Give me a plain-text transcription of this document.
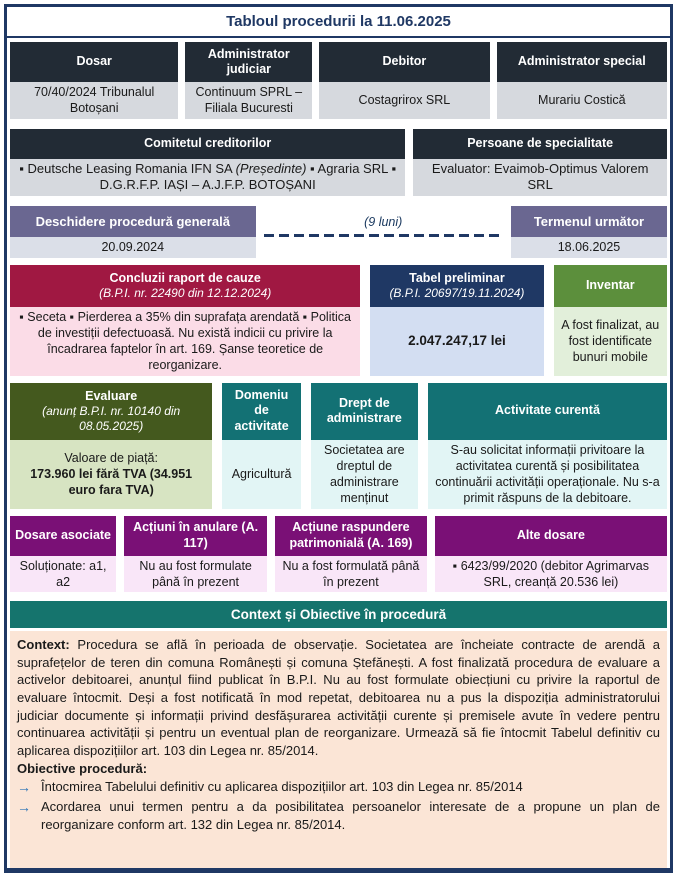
Tabloul procedurii la 11.06.2025
Dosar
70/40/2024 Tribunalul Botoșani
Administrator judiciar
Continuum SPRL – Filiala Bucuresti
Debitor
Costagrirox SRL
Administrator special
Murariu Costică
Comitetul creditorilor
▪ Deutsche Leasing Romania IFN SA (Președinte) ▪ Agraria SRL ▪ D.G.R.F.P. IAȘI – A.J.F.P. BOTOȘANI
Persoane de specialitate
Evaluator: Evaimob-Optimus Valorem SRL
Deschidere procedură generală
20.09.2024
(9 luni)	Termenul următor
18.06.2025
Concluzii raport de cauze
(B.P.I. nr. 22490 din 12.12.2024)
▪ Seceta ▪ Pierderea a 35% din suprafața arendată ▪ Politica de investiții defectuoasă. Nu există indicii cu privire la încadrarea faptelor în art. 169. Șanse teoretice de reorganizare.
Tabel preliminar
(B.P.I. 20697/19.11.2024)
2.047.247,17 lei
Inventar
A fost finalizat, au fost identificate bunuri mobile
Evaluare
(anunț B.P.I. nr. 10140 din 08.05.2025)
Valoare de piață:
173.960 lei fără TVA (34.951 euro fara TVA)
Domeniu de activitate
Agricultură
Drept de administrare
Societatea are dreptul de administrare menținut
Activitate curentă
S-au solicitat informații privitoare la activitatea curentă și posibilitatea continuării activității operaționale. Nu s-a primit răspuns de la debitoare.
Dosare asociate
Soluționate: a1, a2
Acțiuni în anulare (A. 117)
Nu au fost formulate până în prezent
Acțiune raspundere patrimonială (A. 169)
Nu a fost formulată până în prezent
Alte dosare
▪ 6423/99/2020 (debitor Agrimarvas SRL, creanță 20.536 lei)
Context și Obiective în procedură
Context: Procedura se află în perioada de observație. Societatea are încheiate contracte de arendă a suprafețelor de teren din comuna Românești și comuna Ștefănești. A fost finalizată procedura de evaluare a activelor debitoarei, anunțul fiind publicat în B.P.I. Nu au fost formulate obiecțiuni cu privire la raportul de evaluare întocmit. Deși a fost notificată în mod repetat, debitoarea nu a pus la dispoziția administratorului judiciar documente și informații privind desfășurarea activității curente și premisele avute în vedere pentru continuarea activității și pentru un eventual plan de reorganizare. Urmează să fie întocmit Tabelul definitiv cu aplicarea dispozițiilor art. 103 din Legea nr. 85/2014.
Obiective procedură:
→ Întocmirea Tabelului definitiv cu aplicarea dispozițiilor art. 103 din Legea nr. 85/2014
→ Acordarea unui termen pentru a da posibilitatea persoanelor interesate de a propune un plan de reorganizare conform art. 132 din Legea nr. 85/2014.
